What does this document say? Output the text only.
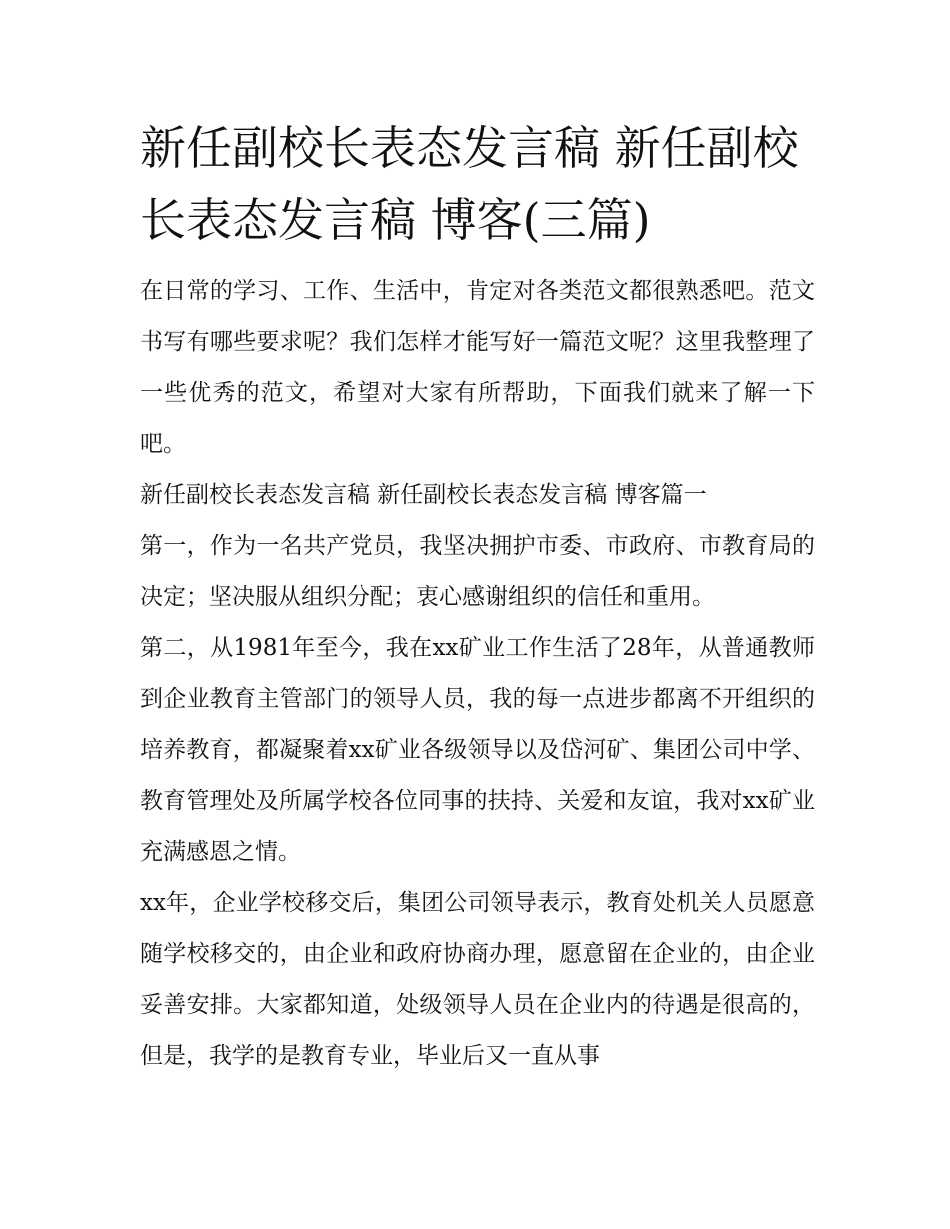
新任副校长表态发言稿 新任副校长表态发言稿 博客(三篇)

在日常的学习、工作、生活中，肯定对各类范文都很熟悉吧。范文书写有哪些要求呢？我们怎样才能写好一篇范文呢？这里我整理了一些优秀的范文，希望对大家有所帮助，下面我们就来了解一下吧。

新任副校长表态发言稿 新任副校长表态发言稿 博客篇一

第一，作为一名共产党员，我坚决拥护市委、市政府、市教育局的决定；坚决服从组织分配；衷心感谢组织的信任和重用。

第二，从1981年至今，我在xx矿业工作生活了28年，从普通教师到企业教育主管部门的领导人员，我的每一点进步都离不开组织的培养教育，都凝聚着xx矿业各级领导以及岱河矿、集团公司中学、教育管理处及所属学校各位同事的扶持、关爱和友谊，我对xx矿业充满感恩之情。

xx年，企业学校移交后，集团公司领导表示，教育处机关人员愿意随学校移交的，由企业和政府协商办理，愿意留在企业的，由企业妥善安排。大家都知道，处级领导人员在企业内的待遇是很高的，但是，我学的是教育专业，毕业后又一直从事
